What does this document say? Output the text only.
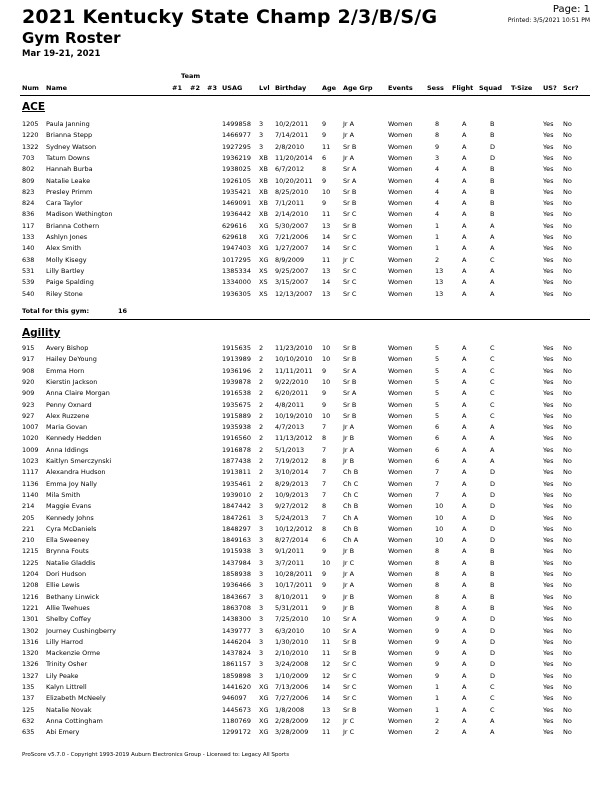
2021 Kentucky State Champ 2/3/B/S/G
Gym Roster
Mar 19-21, 2021
Page: 1
Printed: 3/5/2021 10:51 PM
Team
Num Name	#1 #2 #3 USAG	Lvl Birthday Age Age Grp Events Sess Flight Squad T-Size US? Scr?
ACE
1205 Paula Janning	1499858 3 10/2/2011 9	Jr A	Women	8	A	B	Yes No
1220 Brianna Stepp	1466977 3 7/14/2011 9	Jr A	Women	8	A	B	Yes No
1322 Sydney Watson	1927295 3 2/8/2010	11 Sr B	Women	9	A	D	Yes No
703 Tatum Downs	1936219 XB 11/20/2014 6	Jr A	Women	3	A	D	Yes No
802 Hannah Burba	1938025 XB 6/7/2012	8	Sr A	Women	4	A	B	Yes No
809 Natalie Leake	1926105 XB 10/20/2011 9	Sr A	Women	4	A	B	Yes No
823 Presley Primm	1935421 XB 8/25/2010 10 Sr B	Women	4	A	B	Yes No
824 Cara Taylor	1469091 XB 7/1/2011	9	Sr B	Women	4	A	B	Yes No
836 Madison Wethington	1936442 XB 2/14/2010 11 Sr C	Women	4	A	B	Yes No
117 Brianna Cothern	629616 XG 5/30/2007 13 Sr B	Women	1	A	A	Yes No
133 Ashlyn Jones	629618 XG 7/21/2006 14 Sr C	Women	1	A	A	Yes No
140 Alex Smith	1947403 XG 1/27/2007 14 Sr C	Women	1	A	A	Yes No
638 Molly Kisegy	1017295 XG 8/9/2009	11 Jr C	Women	2	A	C	Yes No
531 Lilly Bartley	1385334 XS 9/25/2007 13 Sr C	Women	13	A	A	Yes No
539 Paige Spalding	1334000 XS 3/15/2007 14 Sr C	Women	13	A	A	Yes No
540 Riley Stone	1936305 XS 12/13/2007 13 Sr C	Women	13	A	A	Yes No
Total for this gym:	16
Agility
915 Avery Bishop	1915635 2 11/23/2010 10 Sr B	Women	5	A	C	Yes No
917 Hailey DeYoung	1913989 2 10/10/2010 10 Sr B	Women	5	A	C	Yes No
908 Emma Horn	1936196 2 11/11/2011 9	Sr A	Women	5	A	C	Yes No
920 Kierstin Jackson	1939878 2 9/22/2010 10 Sr B	Women	5	A	C	Yes No
909 Anna Claire Morgan	1916538 2 6/20/2011 9	Sr A	Women	5	A	C	Yes No
923 Penny Oxnard	1935675 2 4/8/2011	9	Sr B	Women	5	A	C	Yes No
927 Alex Ruzzene	1915889 2 10/19/2010 10 Sr B	Women	5	A	C	Yes No
1007 Maria Govan	1935938 2 4/7/2013	7	Jr A	Women	6	A	A	Yes No
1020 Kennedy Hedden	1916560 2 11/13/2012 8	Jr B	Women	6	A	A	Yes No
1009 Anna Iddings	1916878 2 5/1/2013	7	Jr A	Women	6	A	A	Yes No
1023 Kaitlyn Smerczynski	1877438 2 7/19/2012 8	Jr B	Women	6	A	A	Yes No
1117 Alexandra Hudson	1913811 2 3/10/2014 7	Ch B	Women	7	A	D	Yes No
1136 Emma Joy Nally	1935461 2 8/29/2013 7	Ch C	Women	7	A	D	Yes No
1140 Mila Smith	1939010 2 10/9/2013 7	Ch C	Women	7	A	D	Yes No
214 Maggie Evans	1847442 3 9/27/2012 8	Ch B	Women	10	A	D	Yes No
205 Kennedy Johns	1847261 3 5/24/2013 7	Ch A	Women	10	A	D	Yes No
221 Cyra McDaniels	1848297 3 10/12/2012 8	Ch B	Women	10	A	D	Yes No
210 Ella Sweeney	1849163 3 8/27/2014 6	Ch A	Women	10	A	D	Yes No
1215 Brynna Fouts	1915938 3 9/1/2011	9	Jr B	Women	8	A	B	Yes No
1225 Natalie Gladdis	1437984 3 3/7/2011	10 Jr C	Women	8	A	B	Yes No
1204 Dori Hudson	1858938 3 10/28/2011 9	Jr A	Women	8	A	B	Yes No
1208 Ellie Lewis	1936466 3 10/17/2011 9	Jr A	Women	8	A	B	Yes No
1216 Bethany Linwick	1843667 3 8/10/2011 9	Jr B	Women	8	A	B	Yes No
1221 Allie Twehues	1863708 3 5/31/2011 9	Jr B	Women	8	A	B	Yes No
1301 Shelby Coffey	1438300 3 7/25/2010 10 Sr A	Women	9	A	D	Yes No
1302 Journey Cushingberry	1439777 3 6/3/2010	10 Sr A	Women	9	A	D	Yes No
1316 Lilly Harrod	1446204 3 1/30/2010 11 Sr B	Women	9	A	D	Yes No
1320 Mackenzie Orme	1437824 3 2/10/2010 11 Sr B	Women	9	A	D	Yes No
1326 Trinity Osher	1861157 3 3/24/2008 12 Sr C	Women	9	A	D	Yes No
1327 Lily Peake	1859898 3 1/10/2009 12 Sr C	Women	9	A	D	Yes No
135 Kalyn Littrell	1441620 XG 7/13/2006 14 Sr C	Women	1	A	C	Yes No
137 Elizabeth McNeely	946097 XG 7/27/2006 14 Sr C	Women	1	A	C	Yes No
125 Natalie Novak	1445673 XG 1/8/2008	13 Sr B	Women	1	A	C	Yes No
632 Anna Cottingham	1180769 XG 2/28/2009 12 Jr C	Women	2	A	A	Yes No
635 Abi Emery	1299172 XG 3/28/2009 11 Jr C	Women	2	A	A	Yes No
ProScore v5.7.0 - Copyright 1993-2019 Auburn Electronics Group - Licensed to: Legacy All Sports
